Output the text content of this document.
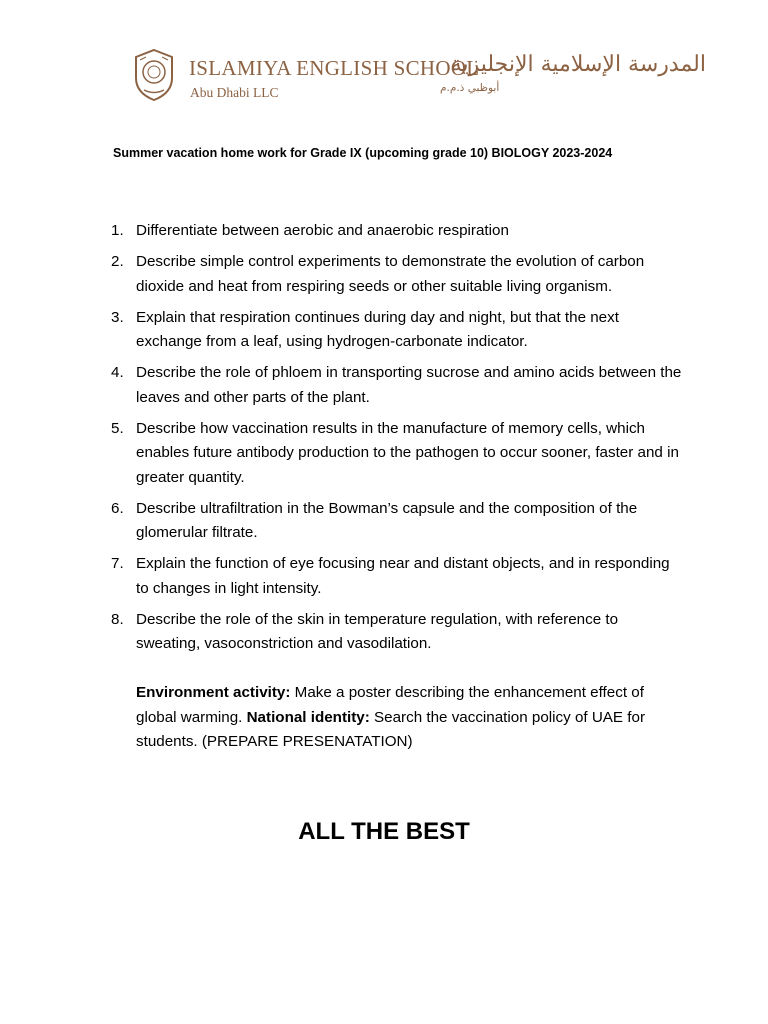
ISLAMIYA ENGLISH SCHOOL
Abu Dhabi LLC	أبوظبي ذ.م.م
المدرسة الإسلامية الإنجليزية
Summer vacation home work for Grade IX (upcoming grade 10) BIOLOGY 2023-2024
1. Differentiate between aerobic and anaerobic respiration
2. Describe simple control experiments to demonstrate the evolution of carbon dioxide and heat from respiring seeds or other suitable living organism.
3. Explain that respiration continues during day and night, but that the next exchange from a leaf, using hydrogen-carbonate indicator.
4. Describe the role of phloem in transporting sucrose and amino acids between the leaves and other parts of the plant.
5. Describe how vaccination results in the manufacture of memory cells, which enables future antibody production to the pathogen to occur sooner, faster and in greater quantity.
6. Describe ultrafiltration in the Bowman’s capsule and the composition of the glomerular filtrate.
7. Explain the function of eye focusing near and distant objects, and in responding to changes in light intensity.
8. Describe the role of the skin in temperature regulation, with reference to sweating, vasoconstriction and vasodilation.
Environment activity: Make a poster describing the enhancement effect of global warming. National identity: Search the vaccination policy of UAE for students. (PREPARE PRESENATATION)
ALL THE BEST
